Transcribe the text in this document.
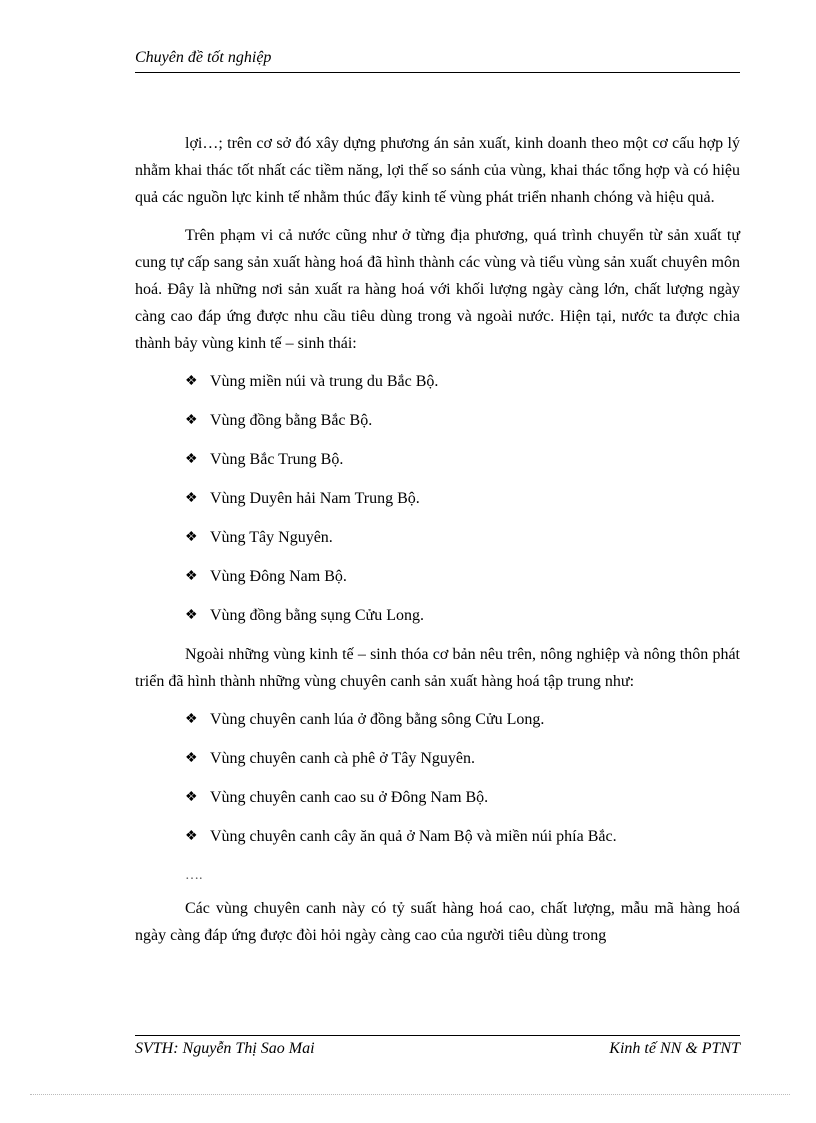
Chuyên đề tốt nghiệp

lợi…; trên cơ sở đó xây dựng phương án sản xuất, kinh doanh theo một cơ cấu hợp lý nhằm khai thác tốt nhất các tiềm năng, lợi thế so sánh của vùng, khai thác tổng hợp và có hiệu quả các nguồn lực kinh tế nhằm thúc đẩy kinh tế vùng phát triển nhanh chóng và hiệu quả.

Trên phạm vi cả nước cũng như ở từng địa phương, quá trình chuyển từ sản xuất tự cung tự cấp sang sản xuất hàng hoá đã hình thành các vùng và tiểu vùng sản xuất chuyên môn hoá. Đây là những nơi sản xuất ra hàng hoá với khối lượng ngày càng lớn, chất lượng ngày càng cao đáp ứng được nhu cầu tiêu dùng trong và ngoài nước. Hiện tại, nước ta được chia thành bảy vùng kinh tế – sinh thái:

❖ Vùng miền núi và trung du Bắc Bộ.
❖ Vùng đồng bằng Bắc Bộ.
❖ Vùng Bắc Trung Bộ.
❖ Vùng Duyên hải Nam Trung Bộ.
❖ Vùng Tây Nguyên.
❖ Vùng Đông Nam Bộ.
❖ Vùng đồng bằng sụng Cửu Long.

Ngoài những vùng kinh tế – sinh thóa cơ bản nêu trên, nông nghiệp và nông thôn phát triển đã hình thành những vùng chuyên canh sản xuất hàng hoá tập trung như:

❖ Vùng chuyên canh lúa ở đồng bằng sông Cửu Long.
❖ Vùng chuyên canh cà phê ở Tây Nguyên.
❖ Vùng chuyên canh cao su ở Đông Nam Bộ.
❖ Vùng chuyên canh cây ăn quả ở Nam Bộ và miền núi phía Bắc.

….

Các vùng chuyên canh này có tỷ suất hàng hoá cao, chất lượng, mẫu mã hàng hoá ngày càng đáp ứng được đòi hỏi ngày càng cao của người tiêu dùng trong

SVTH: Nguyễn Thị Sao Mai	Kinh tế NN & PTNT
